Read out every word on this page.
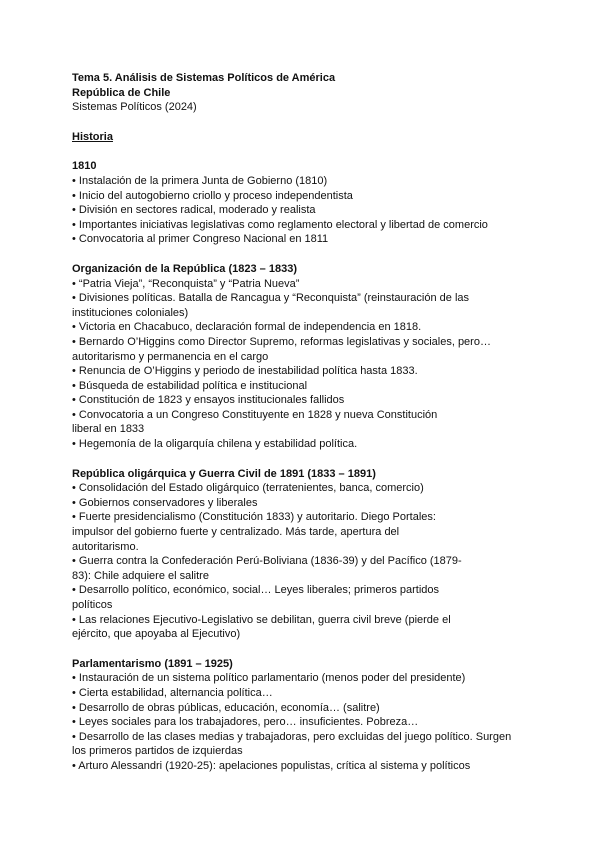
Tema 5. Análisis de Sistemas Políticos de América
República de Chile
Sistemas Políticos (2024)
Historia
1810
• Instalación de la primera Junta de Gobierno (1810)
• Inicio del autogobierno criollo y proceso independentista
• División en sectores radical, moderado y realista
• Importantes iniciativas legislativas como reglamento electoral y libertad de comercio
• Convocatoria al primer Congreso Nacional en 1811
Organización de la República (1823 – 1833)
• “Patria Vieja”, “Reconquista” y “Patria Nueva”
• Divisiones políticas. Batalla de Rancagua y “Reconquista” (reinstauración de las
instituciones coloniales)
• Victoria en Chacabuco, declaración formal de independencia en 1818.
• Bernardo O’Higgins como Director Supremo, reformas legislativas y sociales, pero…
autoritarismo y permanencia en el cargo
• Renuncia de O’Higgins y periodo de inestabilidad política hasta 1833.
• Búsqueda de estabilidad política e institucional
• Constitución de 1823 y ensayos institucionales fallidos
• Convocatoria a un Congreso Constituyente en 1828 y nueva Constitución
liberal en 1833
• Hegemonía de la oligarquía chilena y estabilidad política.
República oligárquica y Guerra Civil de 1891 (1833 – 1891)
• Consolidación del Estado oligárquico (terratenientes, banca, comercio)
• Gobiernos conservadores y liberales
• Fuerte presidencialismo (Constitución 1833) y autoritario. Diego Portales:
impulsor del gobierno fuerte y centralizado. Más tarde, apertura del
autoritarismo.
• Guerra contra la Confederación Perú-Boliviana (1836-39) y del Pacífico (1879-
83): Chile adquiere el salitre
• Desarrollo político, económico, social… Leyes liberales; primeros partidos
políticos
• Las relaciones Ejecutivo-Legislativo se debilitan, guerra civil breve (pierde el
ejército, que apoyaba al Ejecutivo)
Parlamentarismo (1891 – 1925)
• Instauración de un sistema político parlamentario (menos poder del presidente)
• Cierta estabilidad, alternancia política…
• Desarrollo de obras públicas, educación, economía… (salitre)
• Leyes sociales para los trabajadores, pero… insuficientes. Pobreza…
• Desarrollo de las clases medias y trabajadoras, pero excluidas del juego político. Surgen
los primeros partidos de izquierdas
• Arturo Alessandri (1920-25): apelaciones populistas, crítica al sistema y políticos
